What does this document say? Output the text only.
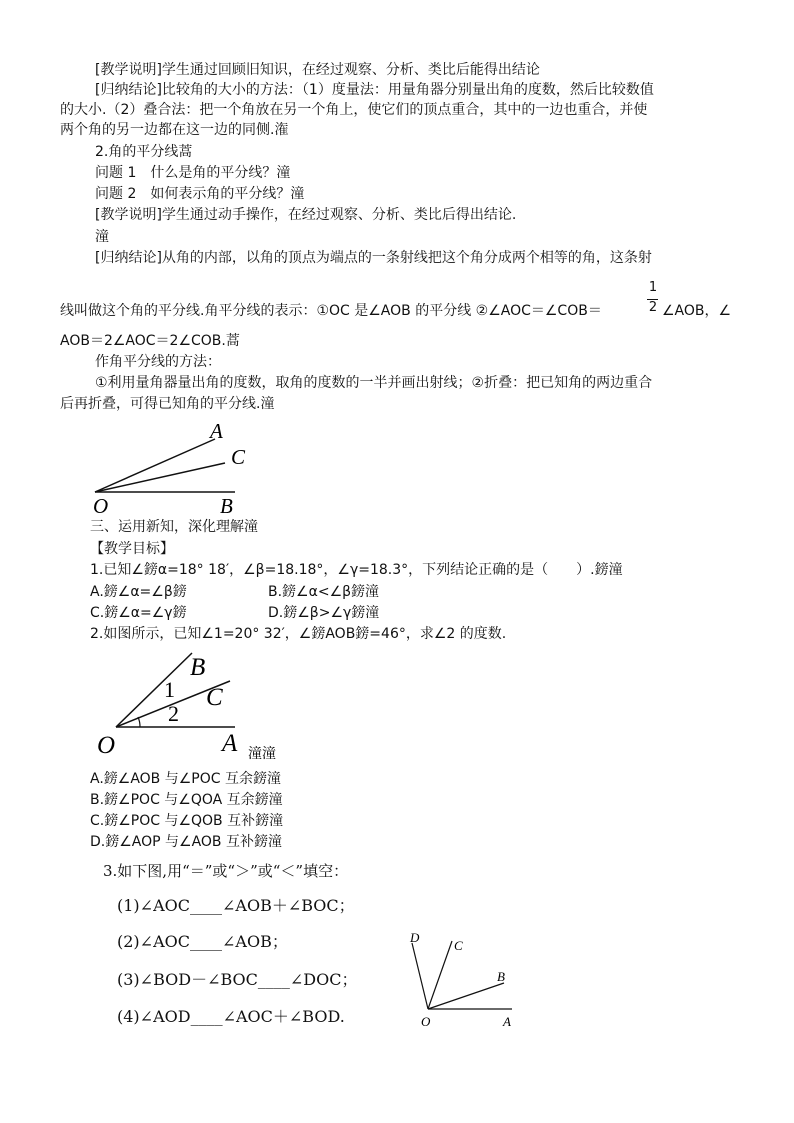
[教学说明]学生通过回顾旧知识，在经过观察、分析、类比后能得出结论
[归纳结论]比较角的大小的方法：（1）度量法：用量角器分别量出角的度数，然后比较数值
的大小.（2）叠合法：把一个角放在另一个角上，使它们的顶点重合，其中的一边也重合，并使
两个角的另一边都在这一边的同侧.潅
2.角的平分线蒿
问题 1　什么是角的平分线？潼
问题 2　如何表示角的平分线？潼
[教学说明]学生通过动手操作，在经过观察、分析、类比后得出结论.
潼
[归纳结论]从角的内部，以角的顶点为端点的一条射线把这个角分成两个相等的角，这条射
线叫做这个角的平分线.角平分线的表示：①OC 是∠AOB 的平分线 ②∠AOC＝∠COB＝
1
2 ∠AOB，∠
AOB＝2∠AOC＝2∠COB.蒿
作角平分线的方法：
①利用量角器量出角的度数，取角的度数的一半并画出射线；②折叠：把已知角的两边重合
后再折叠，可得已知角的平分线.潼
A
C
O	B
三、运用新知，深化理解潼
【教学目标】
1.已知∠鎊α=18° 18′，∠β=18.18°，∠γ=18.3°，下列结论正确的是（　　）.鎊潼
A.鎊∠α=∠β鎊	B.鎊∠α<∠β鎊潼
C.鎊∠α=∠γ鎊	D.鎊∠β>∠γ鎊潼
2.如图所示，已知∠1=20° 32′，∠鎊AOB鎊=46°，求∠2 的度数.
B
C
1
2
O	A 潼潼
A.鎊∠AOB 与∠POC 互余鎊潼
B.鎊∠POC 与∠QOA 互余鎊潼
C.鎊∠POC 与∠QOB 互补鎊潼
D.鎊∠AOP 与∠AOB 互补鎊潼
3.如下图,用“＝”或“＞”或“＜”填空：
(1)∠AOC____∠AOB＋∠BOC；
(2)∠AOC____∠AOB；
(3)∠BOD－∠BOC____∠DOC；
(4)∠AOD____∠AOC＋∠BOD.
D
C
B
O	A
